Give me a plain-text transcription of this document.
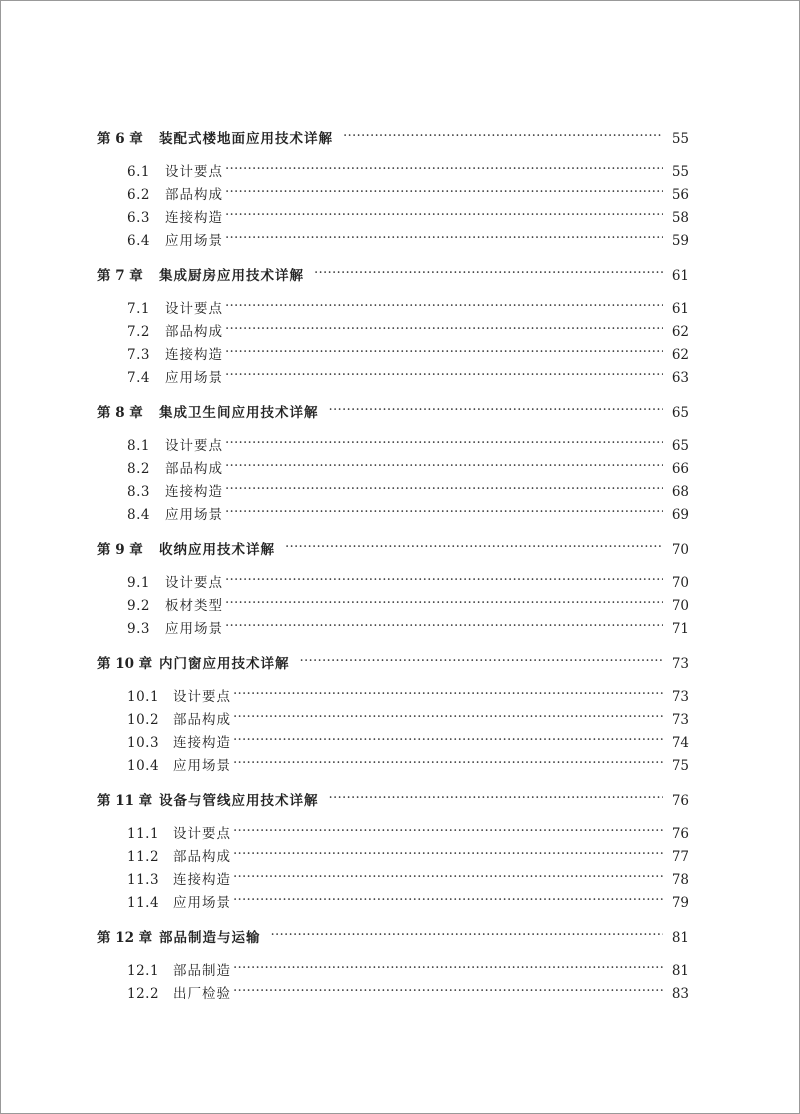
第 6 章	装配式楼地面应用技术详解 ·····	55
6.1	设计要点 ·····	55
6.2	部品构成 ·····	56
6.3	连接构造 ·····	58
6.4	应用场景 ·····	59
第 7 章	集成厨房应用技术详解 ·····	61
7.1	设计要点 ·····	61
7.2	部品构成 ·····	62
7.3	连接构造 ·····	62
7.4	应用场景 ·····	63
第 8 章	集成卫生间应用技术详解 ·····	65
8.1	设计要点 ·····	65
8.2	部品构成 ·····	66
8.3	连接构造 ·····	68
8.4	应用场景 ·····	69
第 9 章	收纳应用技术详解 ·····	70
9.1	设计要点 ·····	70
9.2	板材类型 ·····	70
9.3	应用场景 ·····	71
第 10 章 内门窗应用技术详解 ·····	73
10.1	设计要点 ·····	73
10.2	部品构成 ·····	73
10.3	连接构造 ·····	74
10.4	应用场景 ·····	75
第 11 章 设备与管线应用技术详解 ·····	76
11.1	设计要点 ·····	76
11.2	部品构成 ·····	77
11.3	连接构造 ·····	78
11.4	应用场景 ·····	79
第 12 章 部品制造与运输 ·····	81
12.1	部品制造 ·····	81
12.2	出厂检验 ·····	83
